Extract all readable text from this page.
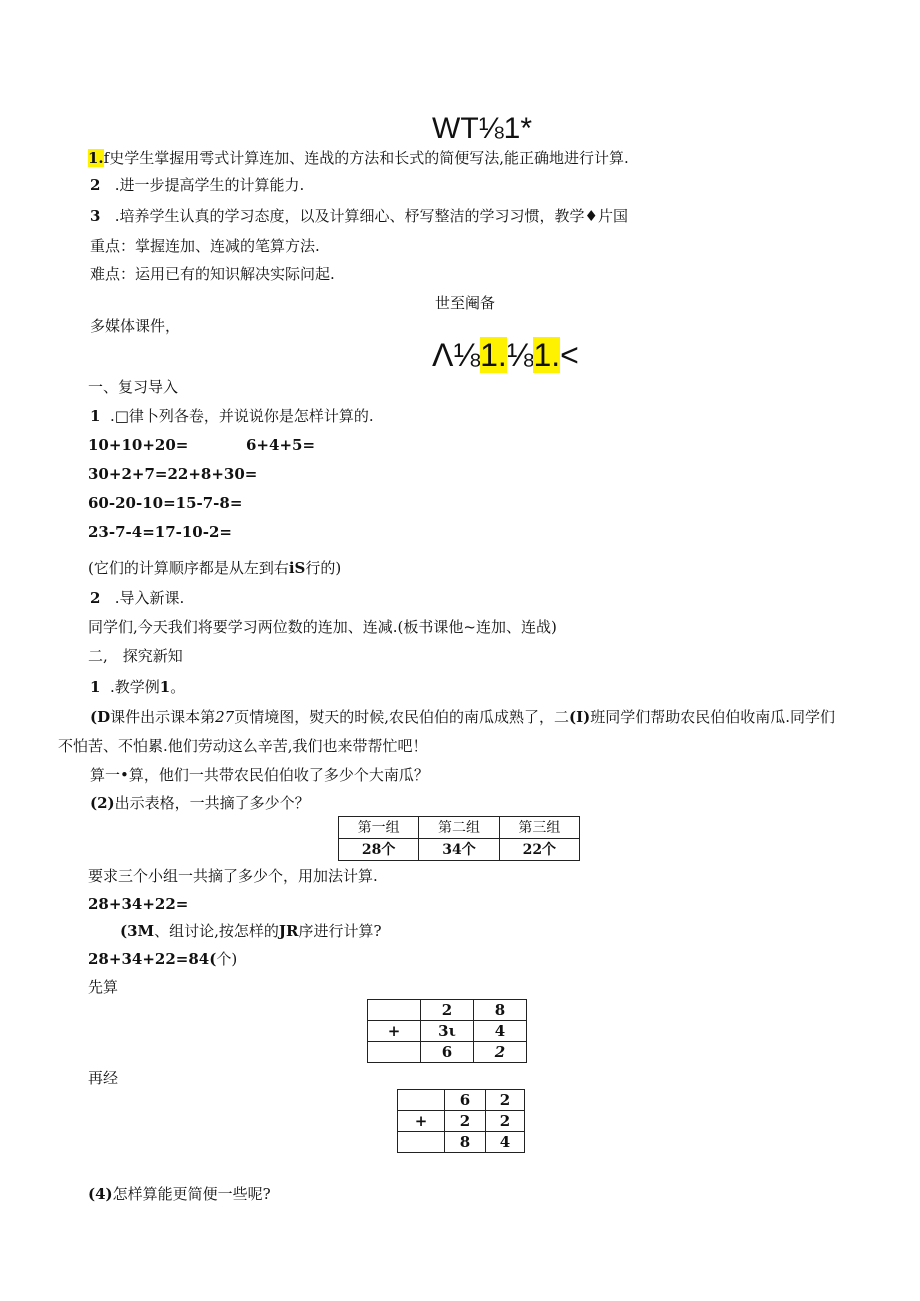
WT⅛1*
1.f史学生掌握用雩式计算连加、连战的方法和长式的简便写法,能正确地进行计算.
2 .进一步提高学生的计算能力.
3 .培养学生认真的学习态度，以及计算细心、杼写整洁的学习习惯，教学♦片国
重点：掌握连加、连减的笔算方法.
难点：运用已有的知识解决实际问起.
世至阉备
多媒体课件，
Λ⅛1.⅛1.<
一、复习导入
1 .□律卜列各卷，并说说你是怎样计算的.
10+10+20=	6+4+5=
30+2+7=22+8+30=
60-20-10=15-7-8=
23-7-4=17-10-2=
(它们的计算顺序都是从左到右iS行的)
2 .导入新课.
同学们,今天我们将要学习两位数的连加、连减.(板书课他~连加、连战)
二,　探究新知
1 .教学例1。
(D课件出示课本第27页情境图，熨天的时候,农民伯伯的南瓜成熟了，二(I)班同学们帮助农民伯伯收南瓜.同学们
不怕苦、不怕累.他们劳动这么辛苦,我们也来带帮忙吧！
算一•算，他们一共带农民伯伯收了多少个大南瓜？
(2)出示表格，一共摘了多少个？
第一组	第二组	第三组
28个	34个	22个
要求三个小组一共摘了多少个，用加法计算.
28+34+22=
(3M、组讨论,按怎样的JR序进行计算?
28+34+22=84(个)
先算
	2	8
+	3ι	4
	6	2
再经
	6	2
+	2	2
	8	4
(4)怎样算能更简便一些呢?
